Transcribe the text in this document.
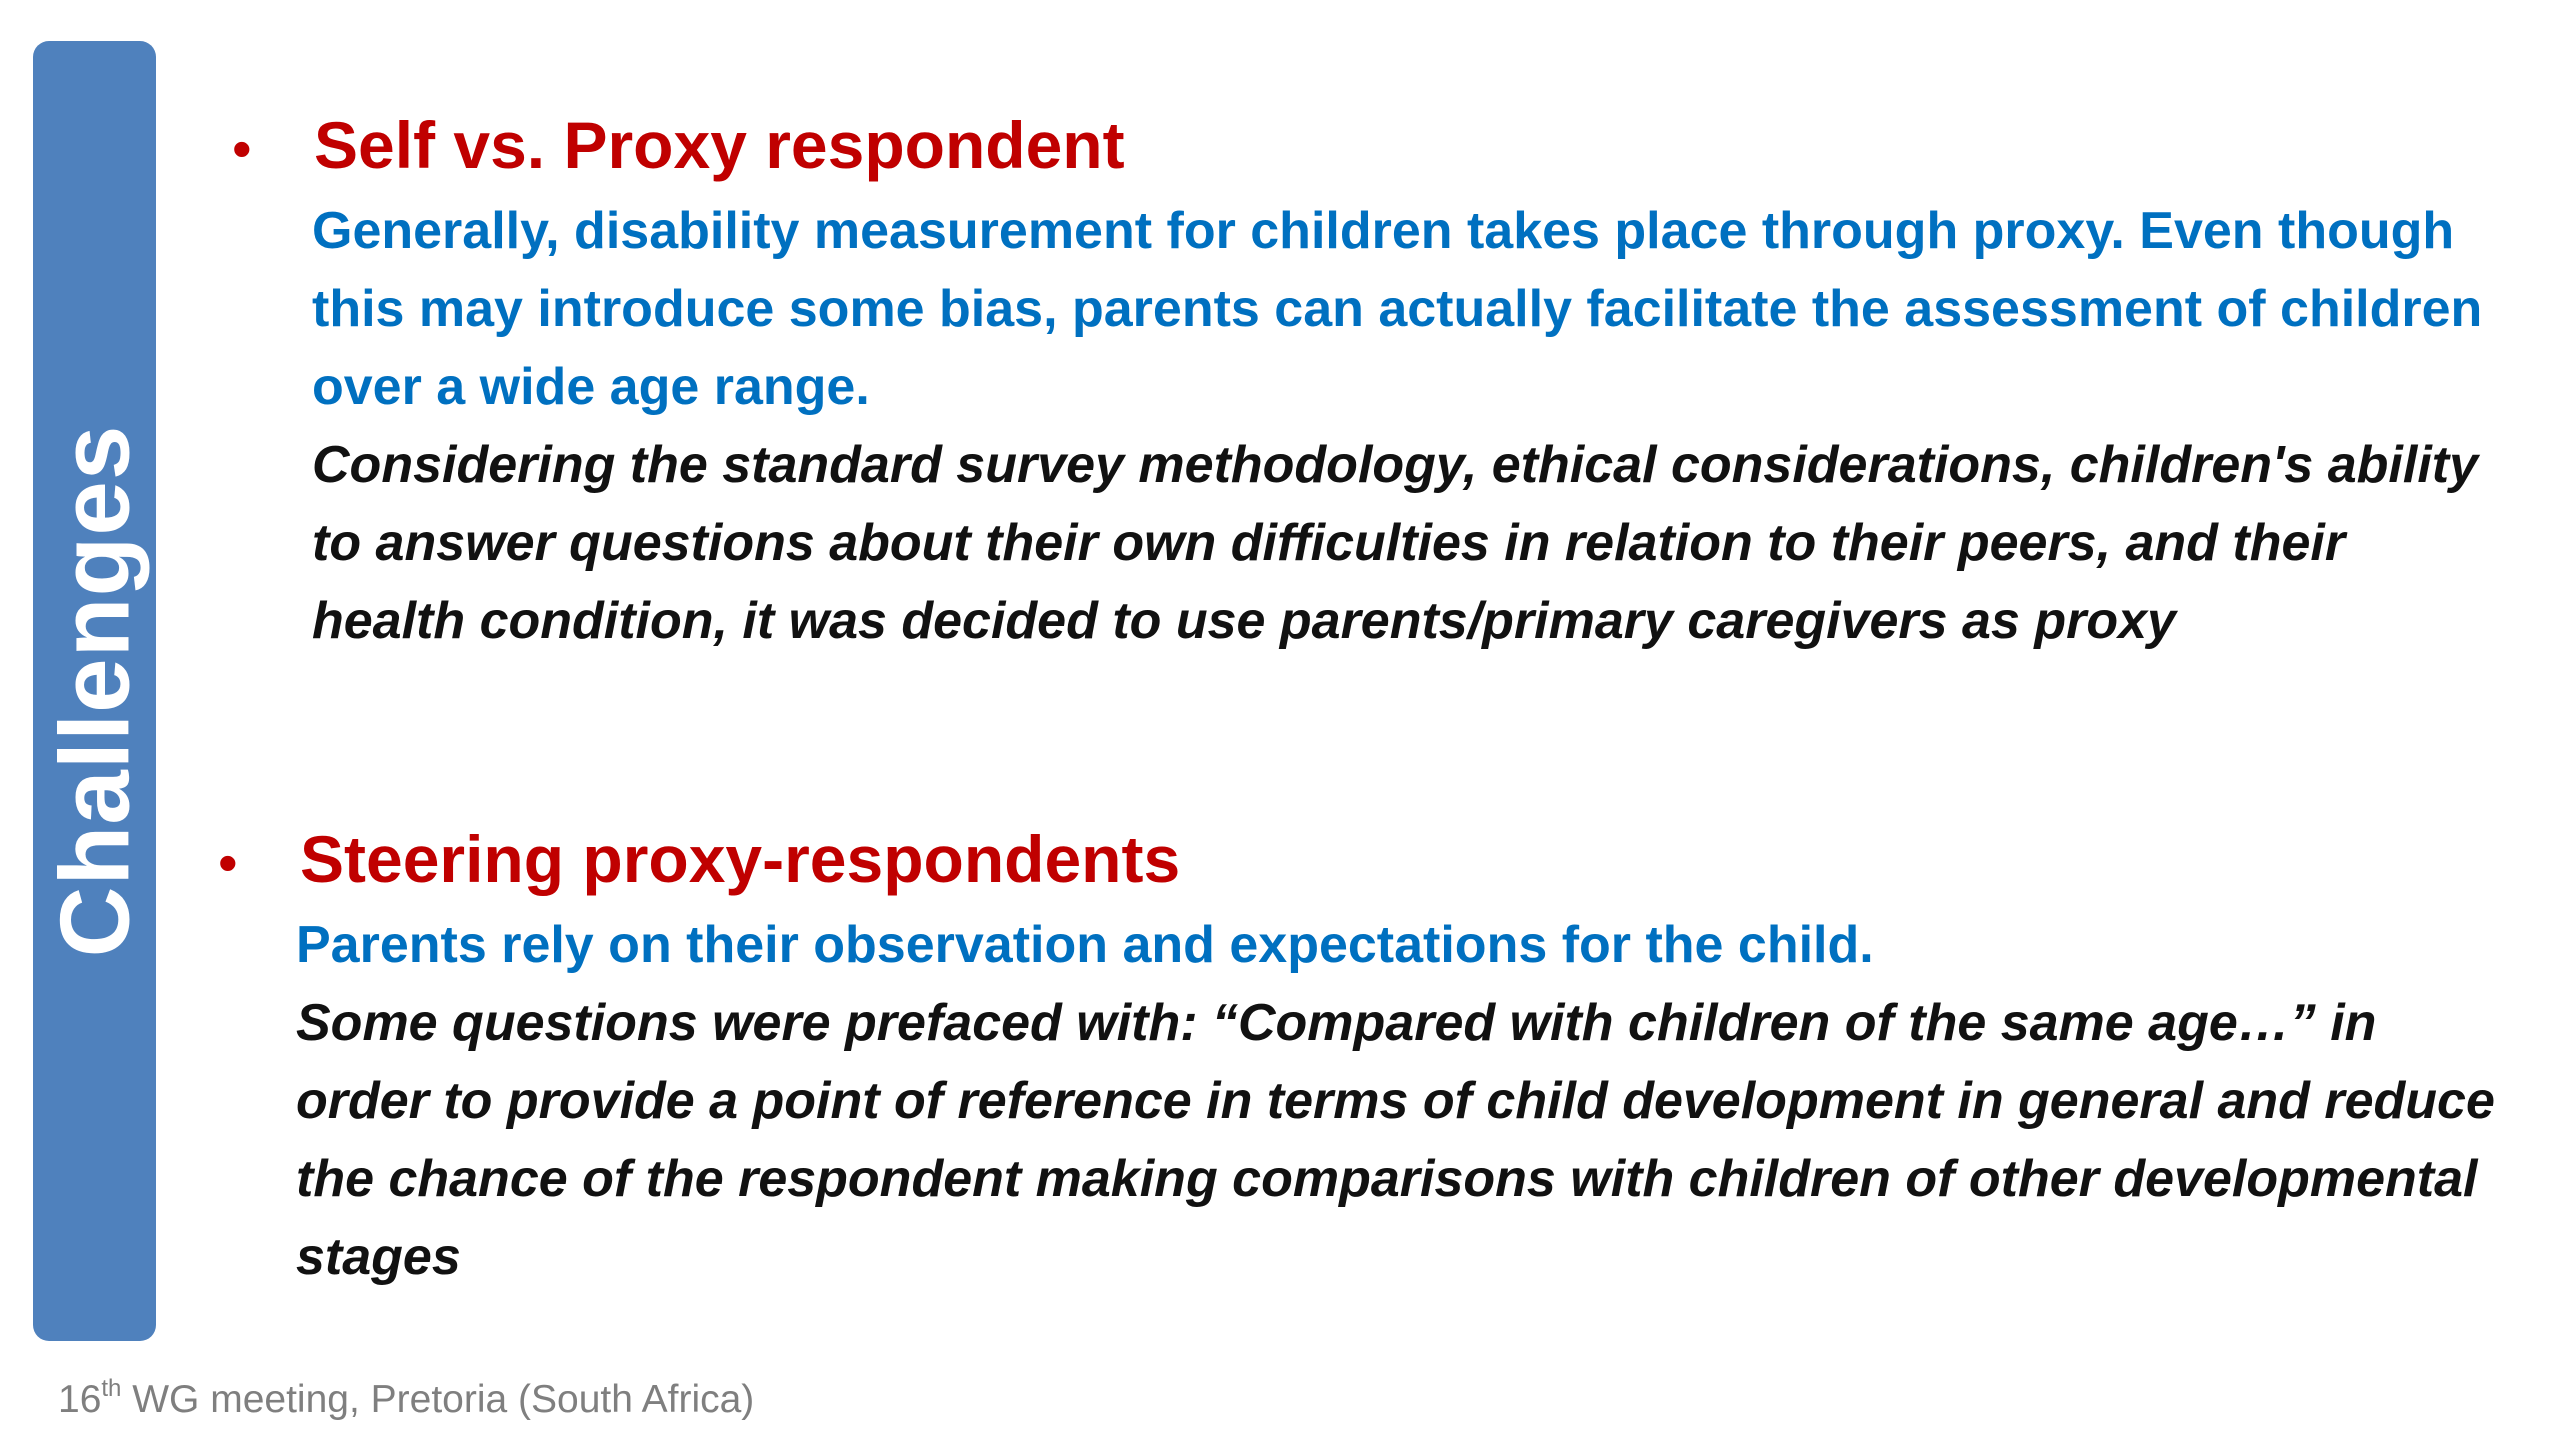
Challenges
• Self vs. Proxy respondent
Generally, disability measurement for children takes place through proxy. Even though this may introduce some bias, parents can actually facilitate the assessment of children over a wide age range.
Considering the standard survey methodology, ethical considerations, children's ability to answer questions about their own difficulties in relation to their peers, and their health condition, it was decided to use parents/primary caregivers as proxy
• Steering proxy-respondents
Parents rely on their observation and expectations for the child.
Some questions were prefaced with: “Compared with children of the same age…” in order to provide a point of reference in terms of child development in general and reduce the chance of the respondent making comparisons with children of other developmental stages
16th WG meeting, Pretoria (South Africa)
